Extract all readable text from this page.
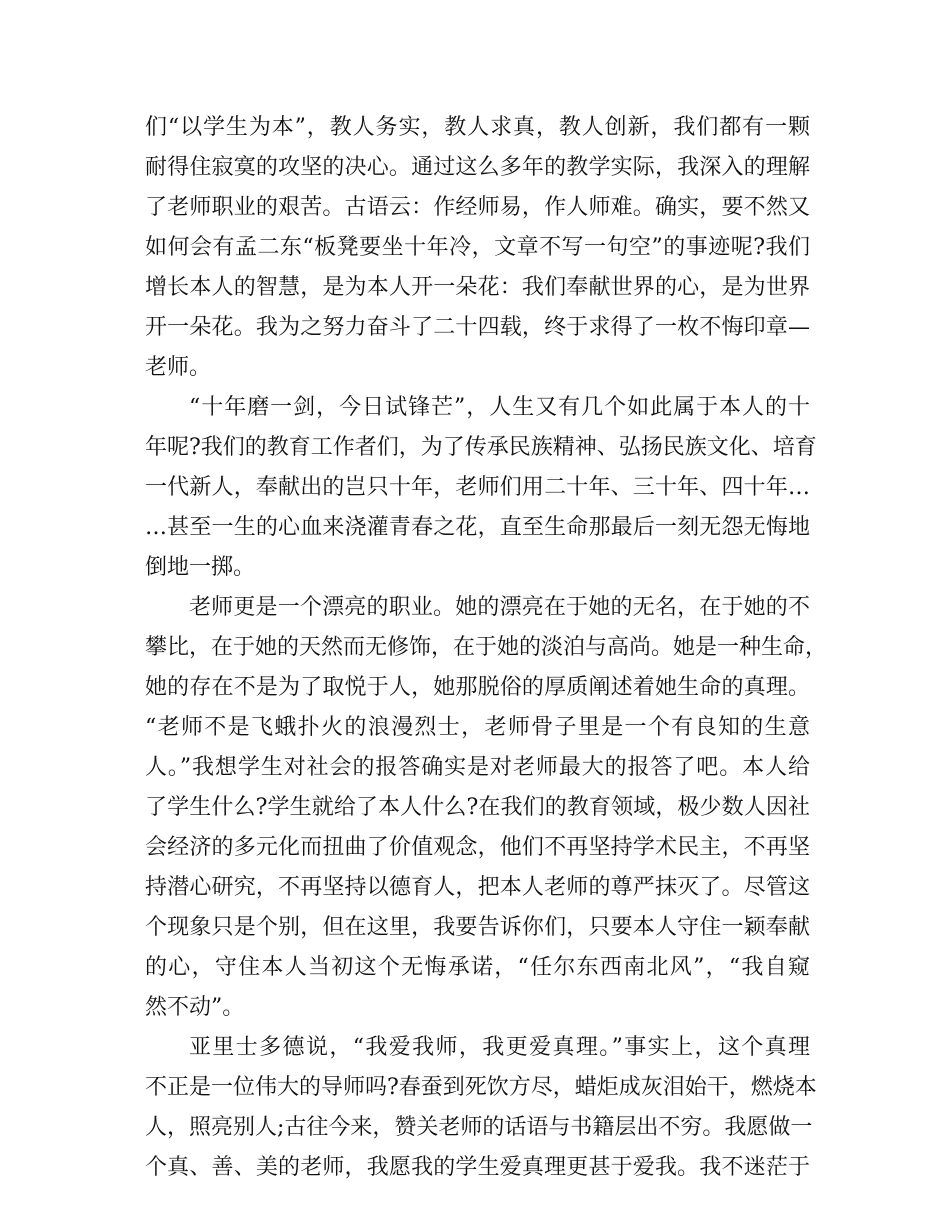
们“以学生为本”，教人务实，教人求真，教人创新，我们都有一颗

耐得住寂寞的攻坚的决心。通过这么多年的教学实际，我深入的理解

了老师职业的艰苦。古语云：作经师易，作人师难。确实，要不然又

如何会有孟二东“板凳要坐十年冷，文章不写一句空”的事迹呢?我们

增长本人的智慧，是为本人开一朵花：我们奉献世界的心，是为世界

开一朵花。我为之努力奋斗了二十四载，终于求得了一枚不悔印章—

老师。

“十年磨一剑，今日试锋芒”，人生又有几个如此属于本人的十

年呢?我们的教育工作者们，为了传承民族精神、弘扬民族文化、培育

一代新人，奉献出的岂只十年，老师们用二十年、三十年、四十年…

…甚至一生的心血来浇灌青春之花，直至生命那最后一刻无怨无悔地

倒地一掷。

老师更是一个漂亮的职业。她的漂亮在于她的无名，在于她的不

攀比，在于她的天然而无修饰，在于她的淡泊与高尚。她是一种生命，

她的存在不是为了取悦于人，她那脱俗的厚质阐述着她生命的真理。

“老师不是飞蛾扑火的浪漫烈士，老师骨子里是一个有良知的生意

人。”我想学生对社会的报答确实是对老师最大的报答了吧。本人给

了学生什么?学生就给了本人什么?在我们的教育领域，极少数人因社

会经济的多元化而扭曲了价值观念，他们不再坚持学术民主，不再坚

持潜心研究，不再坚持以德育人，把本人老师的尊严抹灭了。尽管这

个现象只是个别，但在这里，我要告诉你们，只要本人守住一颖奉献

的心，守住本人当初这个无悔承诺，“任尔东西南北风”，“我自窥

然不动”。

亚里士多德说，“我爱我师，我更爱真理。”事实上，这个真理

不正是一位伟大的导师吗?春蚕到死饮方尽，蜡炬成灰泪始干，燃烧本

人，照亮别人;古往今来，赞关老师的话语与书籍层出不穷。我愿做一

个真、善、美的老师，我愿我的学生爱真理更甚于爱我。我不迷茫于
